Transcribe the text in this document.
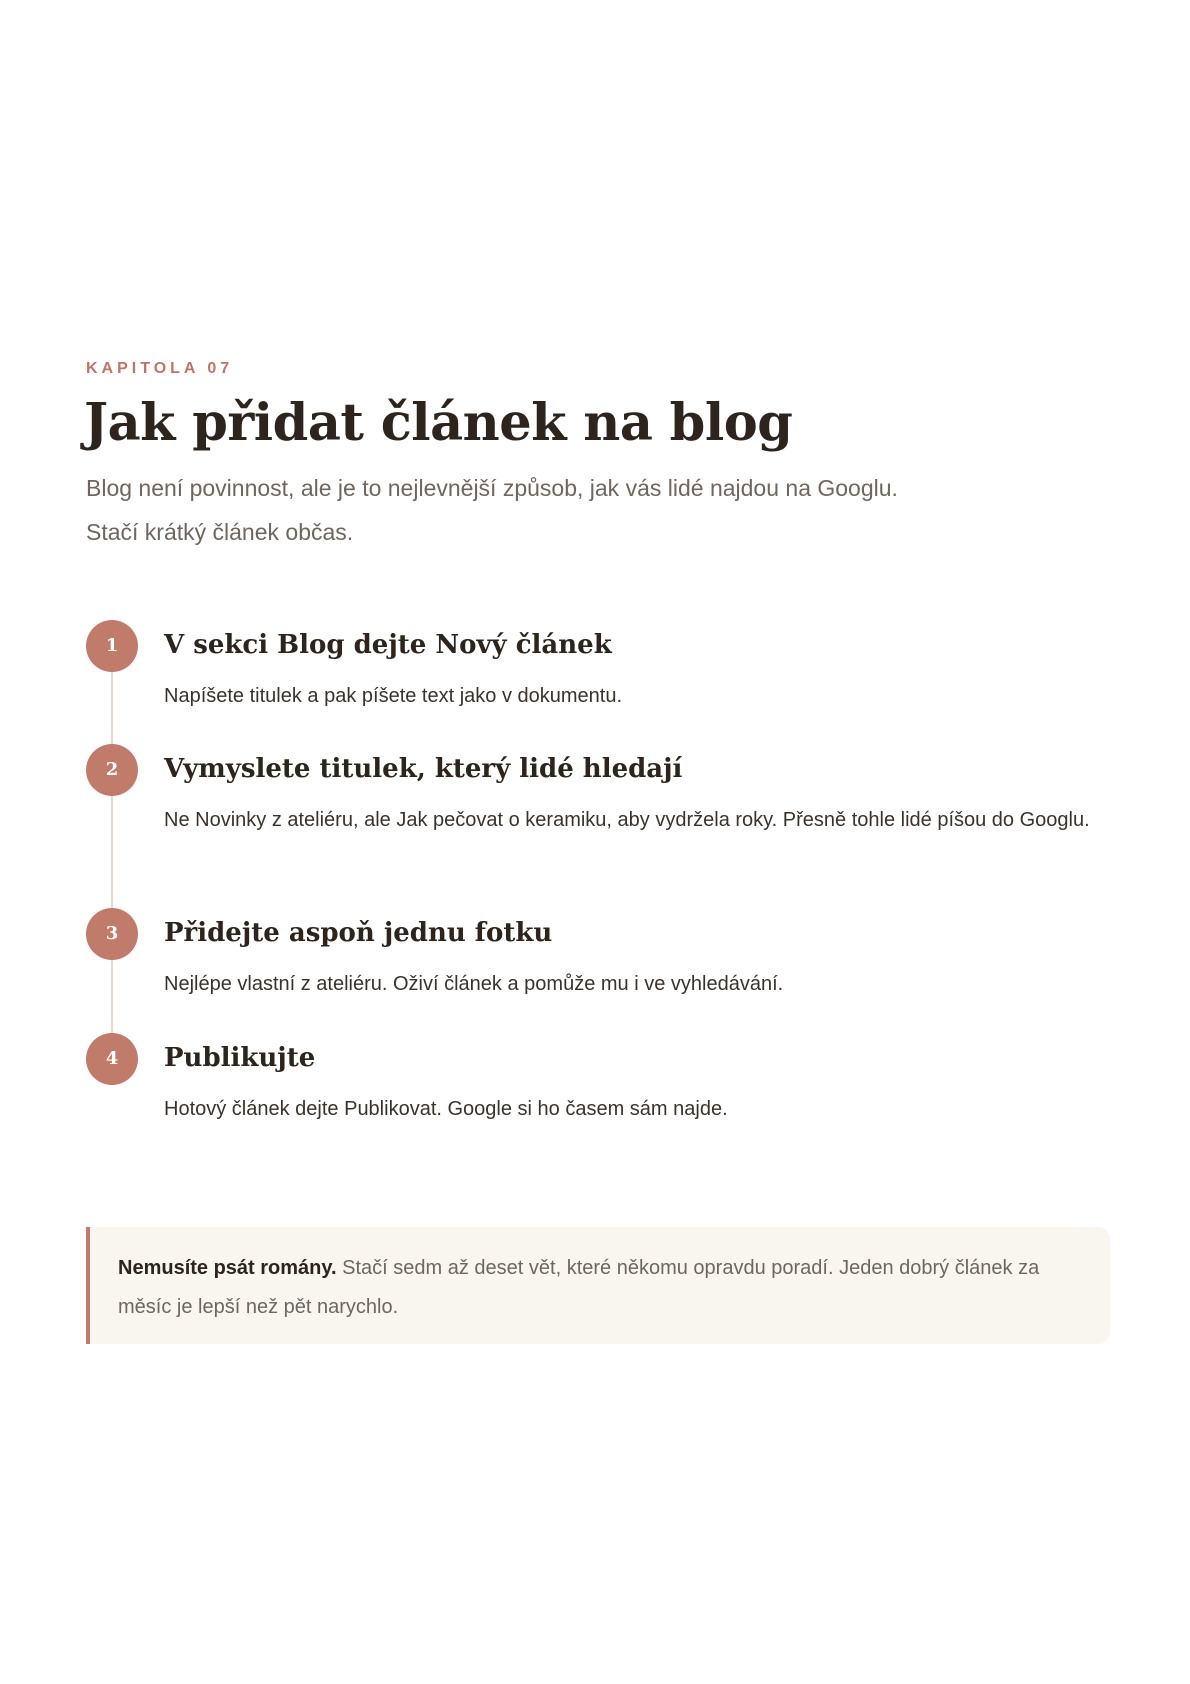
KAPITOLA 07

Jak přidat článek na blog

Blog není povinnost, ale je to nejlevnější způsob, jak vás lidé najdou na Googlu. Stačí krátký článek občas.

1	V sekci Blog dejte Nový článek

Napíšete titulek a pak píšete text jako v dokumentu.

2	Vymyslete titulek, který lidé hledají

Ne Novinky z ateliéru, ale Jak pečovat o keramiku, aby vydržela roky. Přesně tohle lidé píšou do Googlu.

3	Přidejte aspoň jednu fotku

Nejlépe vlastní z ateliéru. Oživí článek a pomůže mu i ve vyhledávání.

4	Publikujte

Hotový článek dejte Publikovat. Google si ho časem sám najde.

Nemusíte psát romány. Stačí sedm až deset vět, které někomu opravdu poradí. Jeden dobrý článek za měsíc je lepší než pět narychlo.
